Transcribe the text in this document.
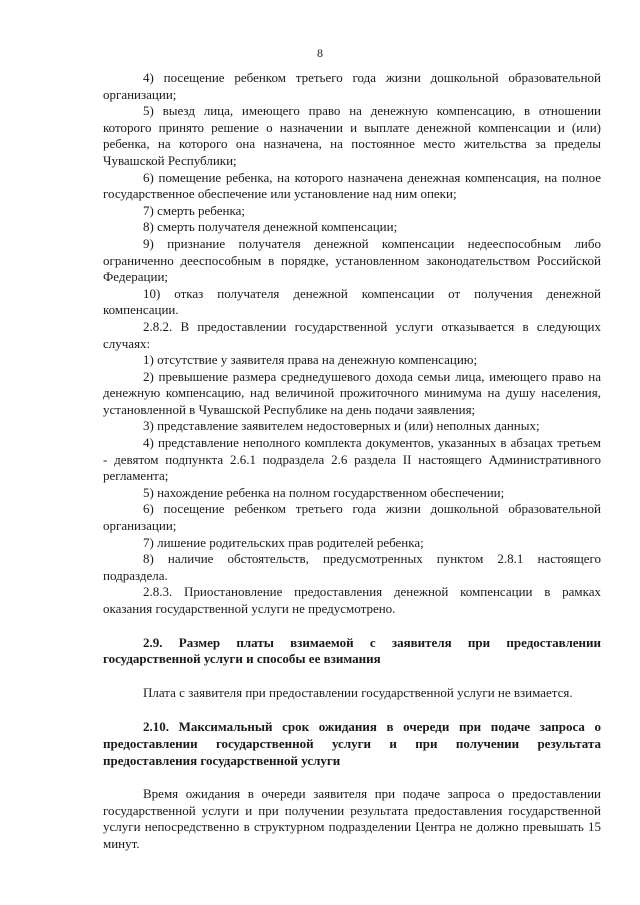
8

4) посещение ребенком третьего года жизни дошкольной образовательной организации;

5) выезд лица, имеющего право на денежную компенсацию, в отношении которого принято решение о назначении и выплате денежной компенсации и (или) ребенка, на которого она назначена, на постоянное место жительства за пределы Чувашской Республики;

6) помещение ребенка, на которого назначена денежная компенсация, на полное государственное обеспечение или установление над ним опеки;

7) смерть ребенка;

8) смерть получателя денежной компенсации;

9) признание получателя денежной компенсации недееспособным либо ограниченно дееспособным в порядке, установленном законодательством Российской Федерации;

10) отказ получателя денежной компенсации от получения денежной компенсации.

2.8.2. В предоставлении государственной услуги отказывается в следующих случаях:

1) отсутствие у заявителя права на денежную компенсацию;

2) превышение размера среднедушевого дохода семьи лица, имеющего право на денежную компенсацию, над величиной прожиточного минимума на душу населения, установленной в Чувашской Республике на день подачи заявления;

3) представление заявителем недостоверных и (или) неполных данных;

4) представление неполного комплекта документов, указанных в абзацах третьем - девятом подпункта 2.6.1 подраздела 2.6 раздела II настоящего Административного регламента;

5) нахождение ребенка на полном государственном обеспечении;

6) посещение ребенком третьего года жизни дошкольной образовательной организации;

7) лишение родительских прав родителей ребенка;

8) наличие обстоятельств, предусмотренных пунктом 2.8.1 настоящего подраздела.

2.8.3. Приостановление предоставления денежной компенсации в рамках оказания государственной услуги не предусмотрено.

2.9. Размер платы взимаемой с заявителя при предоставлении государственной услуги и способы ее взимания

Плата с заявителя при предоставлении государственной услуги не взимается.

2.10. Максимальный срок ожидания в очереди при подаче запроса о предоставлении государственной услуги и при получении результата предоставления государственной услуги

Время ожидания в очереди заявителя при подаче запроса о предоставлении государственной услуги и при получении результата предоставления государственной услуги непосредственно в структурном подразделении Центра не должно превышать 15 минут.
